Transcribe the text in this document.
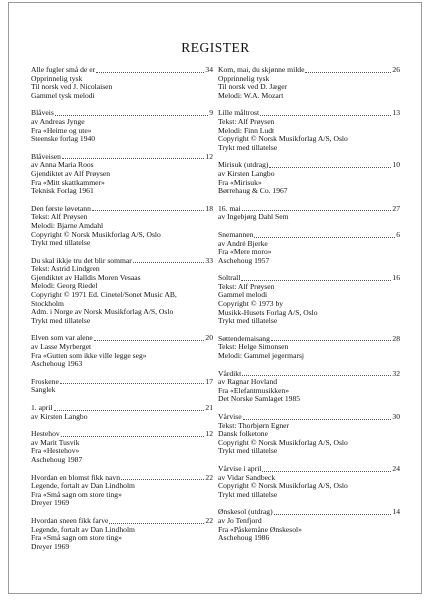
REGISTER
Alle fugler små de er	34
Opprinnelig tysk
Til norsk ved J. Nicolaisen
Gammel tysk melodi
Blåveis	9
av Andreas Jynge
Fra «Heime og ute»
Steenske forlag 1940
Blåveisen	12
av Anna Maria Roos
Gjendiktet av Alf Prøysen
Fra «Mitt skattkammer»
Teknisk Forlag 1961
Den første løvetann	18
Tekst: Alf Prøysen
Melodi: Bjarne Amdahl
Copyright © Norsk Musikforlag A/S, Oslo
Trykt med tillatelse
Du skal ikkje tru det blir sommar	33
Tekst: Astrid Lindgren
Gjendiktet av Halldis Moren Vesaas
Melodi: Georg Riedel
Copyright © 1971 Ed. Cinetel/Sonet Music AB,
Stockholm
Adm. i Norge av Norsk Musikforlag A/S, Oslo
Trykt med tillatelse
Elven som var alene	20
av Lasse Myrberget
Fra «Gutten som ikke ville legge seg»
Aschehoug 1963
Froskene	17
Sanglek
1. april	21
av Kirsten Langbo
Hestehov	12
av Marit Tusvik
Fra «Hestehov»
Aschehoug 1987
Hvordan en blomst fikk navn	22
Legende, fortalt av Dan Lindholm
Fra «Små sagn om store ting»
Dreyer 1969
Hvordan sneen fikk farve	22
Legende, fortalt av Dan Lindholm
Fra «Små sagn om store ting»
Dreyer 1969
Kom, mai, du skjønne milde	26
Opprinnelig tysk
Til norsk ved D. Jæger
Melodi: W.A. Mozart
Lille måltrost	13
Tekst: Alf Prøysen
Melodi: Finn Ludt
Copyright © Norsk Musikforlag A/S, Oslo
Trykt med tillatelse
Mirisuk (utdrag)	10
av Kirsten Langbo
Fra «Mirisuk»
Børrehaug & Co. 1967
16. mai	27
av Ingebjørg Dahl Sem
Snemannen	6
av André Bjerke
Fra «Mere moro»
Aschehoug 1957
Soltrall	16
Tekst: Alf Prøysen
Gammel melodi
Copyright © 1973 by
Musikk-Husets Forlag A/S, Oslo
Trykt med tillatelse
Søttendemaisang	28
Tekst: Helge Simonsen
Melodi: Gammel jegermarsj
Vårdikt	32
av Ragnar Hovland
Fra «Elefantmusikken»
Det Norske Samlaget 1985
Vårvise	30
Tekst: Thorbjørn Egner
Dansk folketone
Copyright © Norsk Musikforlag A/S, Oslo
Trykt med tillatelse
Vårvise i april	24
av Vidar Sandbeck
Copyright © Norsk Musikforlag A/S, Oslo
Trykt med tillatelse
Ønskesol (utdrag)	14
av Jo Tenfjord
Fra «Påskemåne Ønskesol»
Aschehoug 1986
